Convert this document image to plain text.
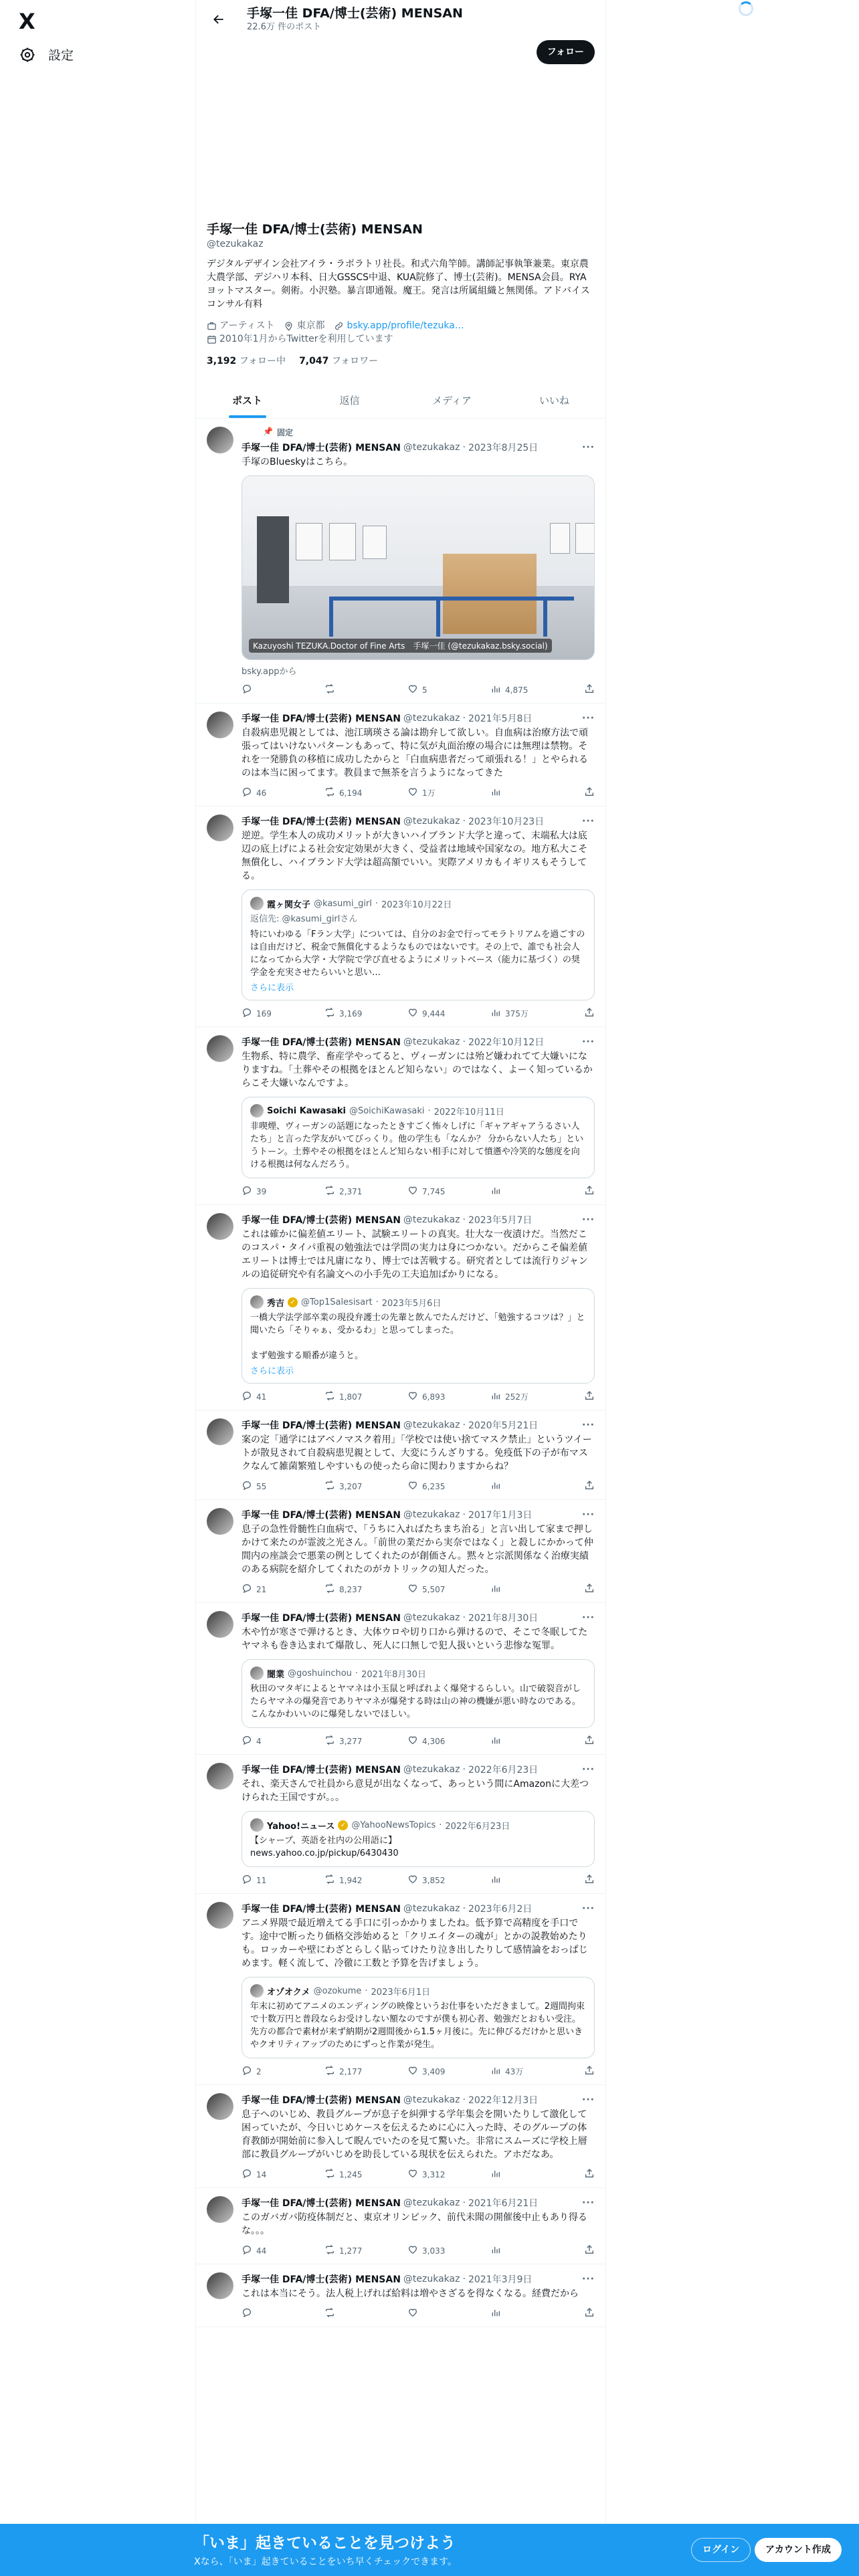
X
設定
手塚一佳 DFA/博士(芸術) MENSAN
22.6万 件のポスト
フォロー
手塚一佳 DFA/博士(芸術) MENSAN
@tezukakaz
デジタルデザイン会社アイラ・ラボラトリ社長。和式六角竿師。講師記事執筆兼業。東京農大農学部、デジハリ本科、日大GSSCS中退、KUA院修了、博士(芸術)。MENSA会員。RYAヨットマスター。剣術。小沢塾。暴言即通報。魔王。発言は所属組織と無関係。アドバイスコンサル有料
アーティスト 東京都 bsky.app/profile/tezuka…
2010年1月からTwitterを利用しています
3,192 フォロー中 7,047 フォロワー
ポスト	返信	メディア	いいね
📌 固定
手塚一佳 DFA/博士(芸術) MENSAN @tezukakaz · 2023年8月25日	···
手塚のBlueskyはこちら。
Kazuyoshi TEZUKA.Doctor of Fine Arts　手塚一佳 (@tezukakaz.bsky.social)
bsky.appから
5	4,875
手塚一佳 DFA/博士(芸術) MENSAN @tezukakaz · 2021年5月8日	···
自殺病患児親としては、池江璃瑛さる論は勘弁して欲しい。自血病は治療方法で頑張ってはいけないパターンもあって、特に気が丸面治療の場合には無理は禁物。それを一発勝負の移植に成功したからと「白血病患者だって頑張れる！」とやられるのは本当に困ってます。教員まで無茶を言うようになってきた
46	6,194	1万
手塚一佳 DFA/博士(芸術) MENSAN @tezukakaz · 2023年10月23日	···
逆逆。学生本人の成功メリットが大きいハイブランド大学と違って、末端私大は底辺の底上げによる社会安定効果が大きく、受益者は地域や国家なの。地方私大こそ無償化し、ハイブランド大学は超高額でいい。実際アメリカもイギリスもそうしてる。
霞ヶ関女子 @kasumi_girl · 2023年10月22日
返信先: @kasumi_girlさん
特にいわゆる「Fラン大学」については、自分のお金で行ってモラトリアムを過ごすのは自由だけど、税金で無償化するようなものではないです。その上で、誰でも社会人になってから大学・大学院で学び直せるようにメリットベース（能力に基づく）の奨学金を充実させたらいいと思い…
さらに表示
169	3,169	9,444	375万
手塚一佳 DFA/博士(芸術) MENSAN @tezukakaz · 2022年10月12日	···
生物系、特に農学、畜産学やってると、ヴィーガンには殆ど嫌われてて大嫌いになりますね。「土葬やその根拠をほとんど知らない」のではなく、よーく知っているからこそ大嫌いなんですよ。
Soichi Kawasaki @SoichiKawasaki · 2022年10月11日
非喫煙、ヴィーガンの話題になったときすごく怖々しげに「ギャアギャアうるさい人たち」と言った学友がいてびっくり。他の学生も「なんか？ 分からない人たち」というトーン。土葬やその根拠をほとんど知らない相手に対して憤懣や冷笑的な態度を向ける根拠は何なんだろう。
39	2,371	7,745
手塚一佳 DFA/博士(芸術) MENSAN @tezukakaz · 2023年5月7日	···
これは確かに偏差値エリート、試験エリートの真実。壮大な一夜漬けだ。当然だこのコスパ・タイパ重視の勉強法では学問の実力は身につかない。だからこそ偏差値エリートは博士では凡庸になり、博士では苦戦する。研究者としては流行りジャンルの追従研究や有名論文への小手先の工夫追加ばかりになる。
秀吉 ✓ @Top1Salesisart · 2023年5月6日
一橋大学法学部卒業の現役弁護士の先輩と飲んでたんだけど、「勉強するコツは？」と聞いたら「そりゃぁ、受かるわ」と思ってしまった。

まず勉強する順番が違うと。
さらに表示
41	1,807	6,893	252万
手塚一佳 DFA/博士(芸術) MENSAN @tezukakaz · 2020年5月21日	···
案の定「通学にはアベノマスク着用」「学校では使い捨てマスク禁止」というツイートが散見されて自殺病患児親として、大変にうんざりする。免疫低下の子が布マスクなんて雑菌繁殖しやすいもの使ったら命に関わりますからね？
55	3,207	6,235
手塚一佳 DFA/博士(芸術) MENSAN @tezukakaz · 2017年1月3日	···
息子の急性骨髄性白血病で、「うちに入ればたちまち治る」と言い出して家まで押しかけて来たのが霊波之光さん。「前世の業だから実奈ではなく」と殺しにかかって仲間内の座談会で悪業の例としてくれたのが創価さん。黙々と宗派関係なく治療実績のある病院を紹介してくれたのがカトリックの知人だった。
21	8,237	5,507
手塚一佳 DFA/博士(芸術) MENSAN @tezukakaz · 2021年8月30日	···
木や竹が寒さで弾けるとき、大体ウロや切り口から弾けるので、そこで冬眠してたヤマネも巻き込まれて爆散し、死人に口無しで犯人扱いという悲惨な冤罪。
闇業 @goshuinchou · 2021年8月30日
秋田のマタギによるとヤマネは小玉鼠と呼ばれよく爆発するらしい。山で破裂音がしたらヤマネの爆発音でありヤマネが爆発する時は山の神の機嫌が悪い時なのである。こんなかわいいのに爆発しないでほしい。
4	3,277	4,306
手塚一佳 DFA/博士(芸術) MENSAN @tezukakaz · 2022年6月23日	···
それ、楽天さんで社員から意見が出なくなって、あっという間にAmazonに大差つけられた王国ですが。。。
Yahoo!ニュース ✓ @YahooNewsTopics · 2022年6月23日
【シャープ、英語を社内の公用語に】
news.yahoo.co.jp/pickup/6430430
11	1,942	3,852
手塚一佳 DFA/博士(芸術) MENSAN @tezukakaz · 2023年6月2日	···
アニメ界隈で最近増えてる手口に引っかかりましたね。低予算で高精度を手口です。途中で断ったり価格交渉始めると「クリエイターの魂が」とかの説教始めたりも。ロッカーや壁にわざとらしく貼ってけたり泣き出したりして感情論をおっぱじめます。軽く流して、冷徹に工数と予算を告げましょう。
オゾオクメ @ozokume · 2023年6月1日
年末に初めてアニメのエンディングの映像というお仕事をいただきまして。2週間拘束で十数万円と普段ならお受けしない額なのですが僕も初心者、勉強だとおもい受注。先方の都合で素材が来ず納期が2週間後から1.5ヶ月後に。先に伸びるだけかと思いきやクオリティアップのためにずっと作業が発生。
2	2,177	3,409	43万
手塚一佳 DFA/博士(芸術) MENSAN @tezukakaz · 2022年12月3日	···
息子へのいじめ、教員グループが息子を糾弾する学年集会を開いたりして激化して困っていたが、今日いじめケースを伝えるために心に入った時、そのグループの体育教師が開始前に参入して睨んでいたのを見て驚いた。非常にスムーズに学校上層部に教員グループがいじめを助長している現状を伝えられた。アホだなあ。
14	1,245	3,312
手塚一佳 DFA/博士(芸術) MENSAN @tezukakaz · 2021年6月21日	···
このガバガバ防疫体制だと、東京オリンピック、前代未聞の開催後中止もあり得るな。。。
44	1,277	3,033
手塚一佳 DFA/博士(芸術) MENSAN @tezukakaz · 2021年3月9日	···
これは本当にそう。法人税上げれば給料は増やさざるを得なくなる。経費だから
「いま」起きていることを見つけよう
Xなら、「いま」起きていることをいち早くチェックできます。
ログイン	アカウント作成
